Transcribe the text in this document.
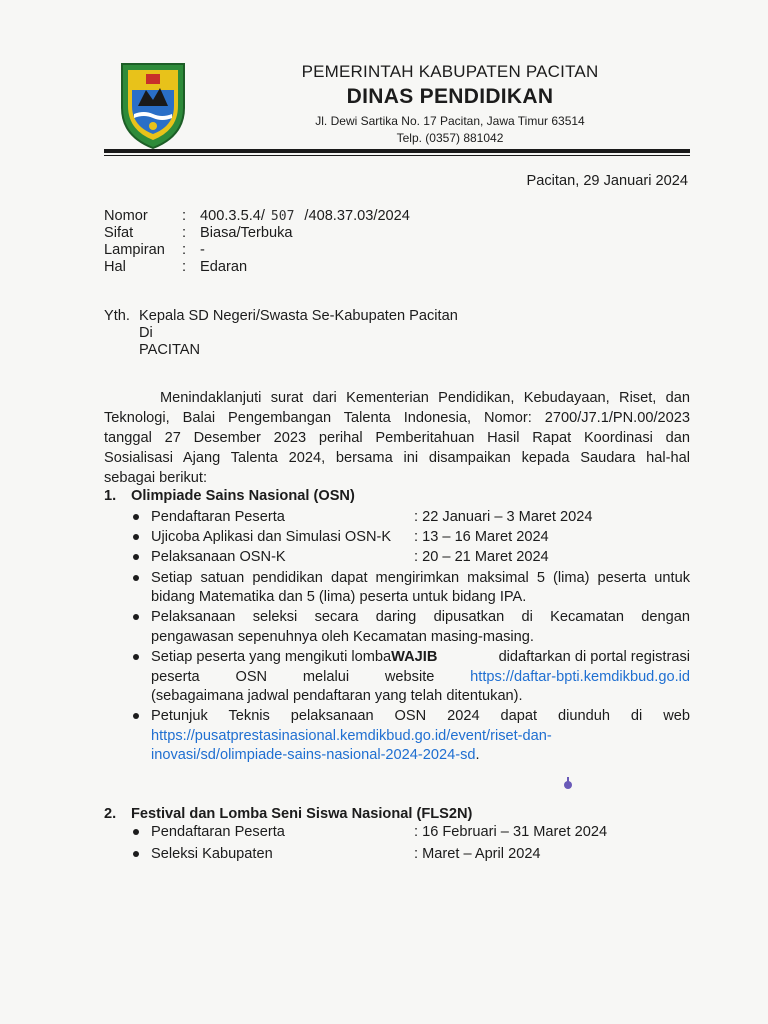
PEMERINTAH KABUPATEN PACITAN
DINAS PENDIDIKAN
Jl. Dewi Sartika No. 17 Pacitan, Jawa Timur 63514
Telp. (0357) 881042
Pacitan, 29 Januari 2024
Nomor : 400.3.5.4/ 507 /408.37.03/2024
Sifat	: Biasa/Terbuka
Lampiran : -
Hal	: Edaran
Yth. Kepala SD Negeri/Swasta Se-Kabupaten Pacitan
Di
PACITAN
Menindaklanjuti surat dari Kementerian Pendidikan, Kebudayaan, Riset, dan
Teknologi, Balai Pengembangan Talenta Indonesia, Nomor: 2700/J7.1/PN.00/2023
tanggal 27 Desember 2023 perihal Pemberitahuan Hasil Rapat Koordinasi dan
Sosialisasi Ajang Talenta 2024, bersama ini disampaikan kepada Saudara hal-hal
sebagai berikut:
1. Olimpiade Sains Nasional (OSN)
Pendaftaran Peserta	: 22 Januari – 3 Maret 2024
Ujicoba Aplikasi dan Simulasi OSN-K : 13 – 16 Maret 2024
Pelaksanaan OSN-K	: 20 – 21 Maret 2024
Setiap satuan pendidikan dapat mengirimkan maksimal 5 (lima) peserta untuk
bidang Matematika dan 5 (lima) peserta untuk bidang IPA.
Pelaksanaan seleksi secara daring dipusatkan di Kecamatan dengan
pengawasan sepenuhnya oleh Kecamatan masing-masing.
Setiap peserta yang mengikuti lomba WAJIB	didaftarkan di portal registrasi
peserta OSN melalui website https://daftar-bpti.kemdikbud.go.id
(sebagaimana jadwal pendaftaran yang telah ditentukan).
Petunjuk Teknis pelaksanaan OSN 2024 dapat diunduh di web
https://pusatprestasinasional.kemdikbud.go.id/event/riset-dan-
inovasi/sd/olimpiade-sains-nasional-2024-2024-sd.
2. Festival dan Lomba Seni Siswa Nasional (FLS2N)
Pendaftaran Peserta	: 16 Februari – 31 Maret 2024
Seleksi Kabupaten	: Maret – April 2024
